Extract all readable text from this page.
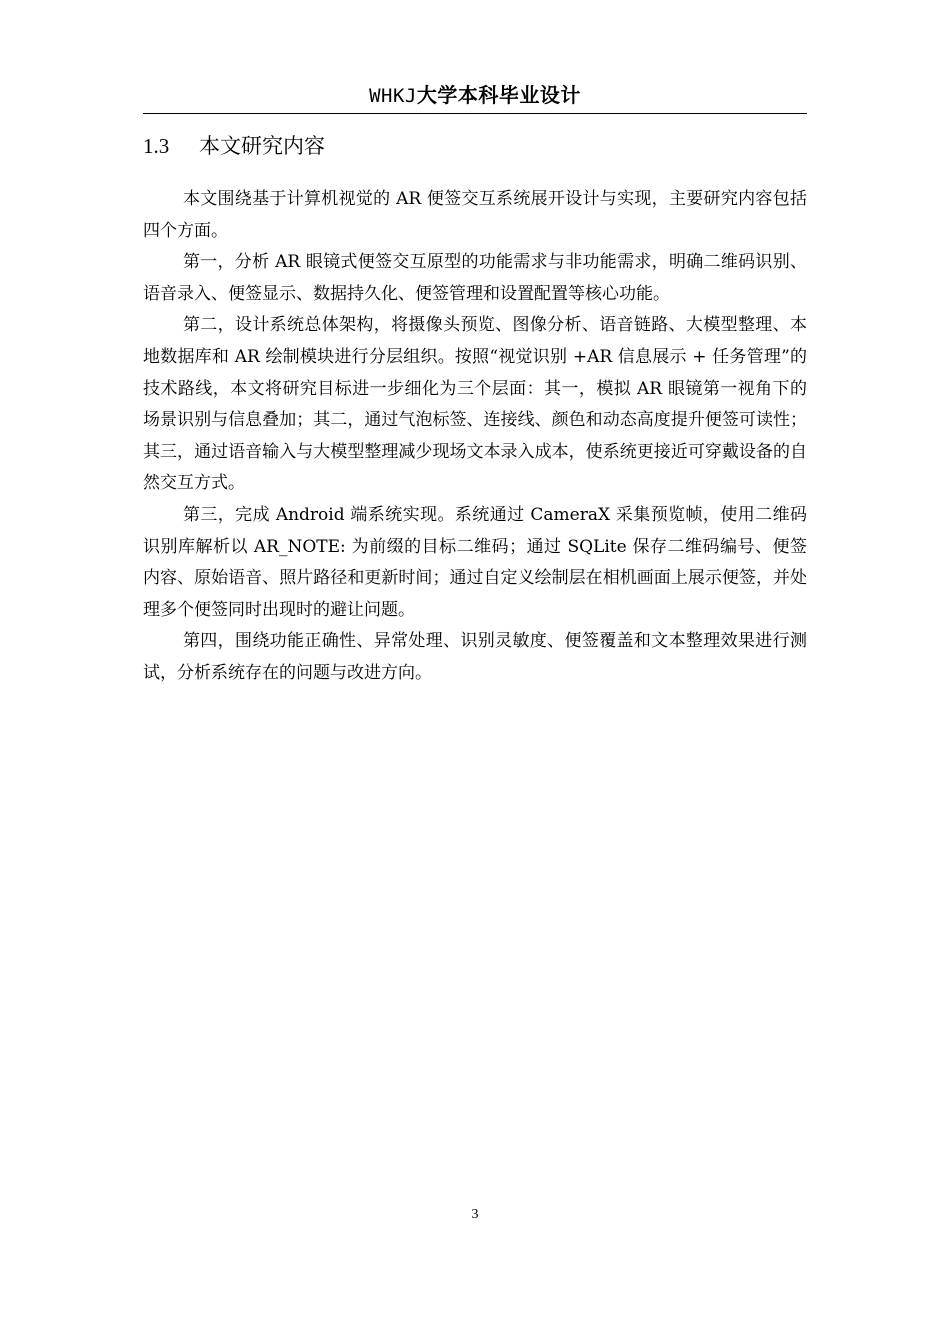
WHKJ大学本科毕业设计
1.3 本文研究内容

本文围绕基于计算机视觉的 AR 便签交互系统展开设计与实现，主要研究内容包括四个方面。

第一，分析 AR 眼镜式便签交互原型的功能需求与非功能需求，明确二维码识别、语音录入、便签显示、数据持久化、便签管理和设置配置等核心功能。

第二，设计系统总体架构，将摄像头预览、图像分析、语音链路、大模型整理、本地数据库和 AR 绘制模块进行分层组织。按照“视觉识别 +AR 信息展示 + 任务管理”的技术路线，本文将研究目标进一步细化为三个层面：其一，模拟 AR 眼镜第一视角下的场景识别与信息叠加；其二，通过气泡标签、连接线、颜色和动态高度提升便签可读性；其三，通过语音输入与大模型整理减少现场文本录入成本，使系统更接近可穿戴设备的自然交互方式。

第三，完成 Android 端系统实现。系统通过 CameraX 采集预览帧，使用二维码识别库解析以 AR_NOTE: 为前缀的目标二维码；通过 SQLite 保存二维码编号、便签内容、原始语音、照片路径和更新时间；通过自定义绘制层在相机画面上展示便签，并处理多个便签同时出现时的避让问题。

第四，围绕功能正确性、异常处理、识别灵敏度、便签覆盖和文本整理效果进行测试，分析系统存在的问题与改进方向。

3
